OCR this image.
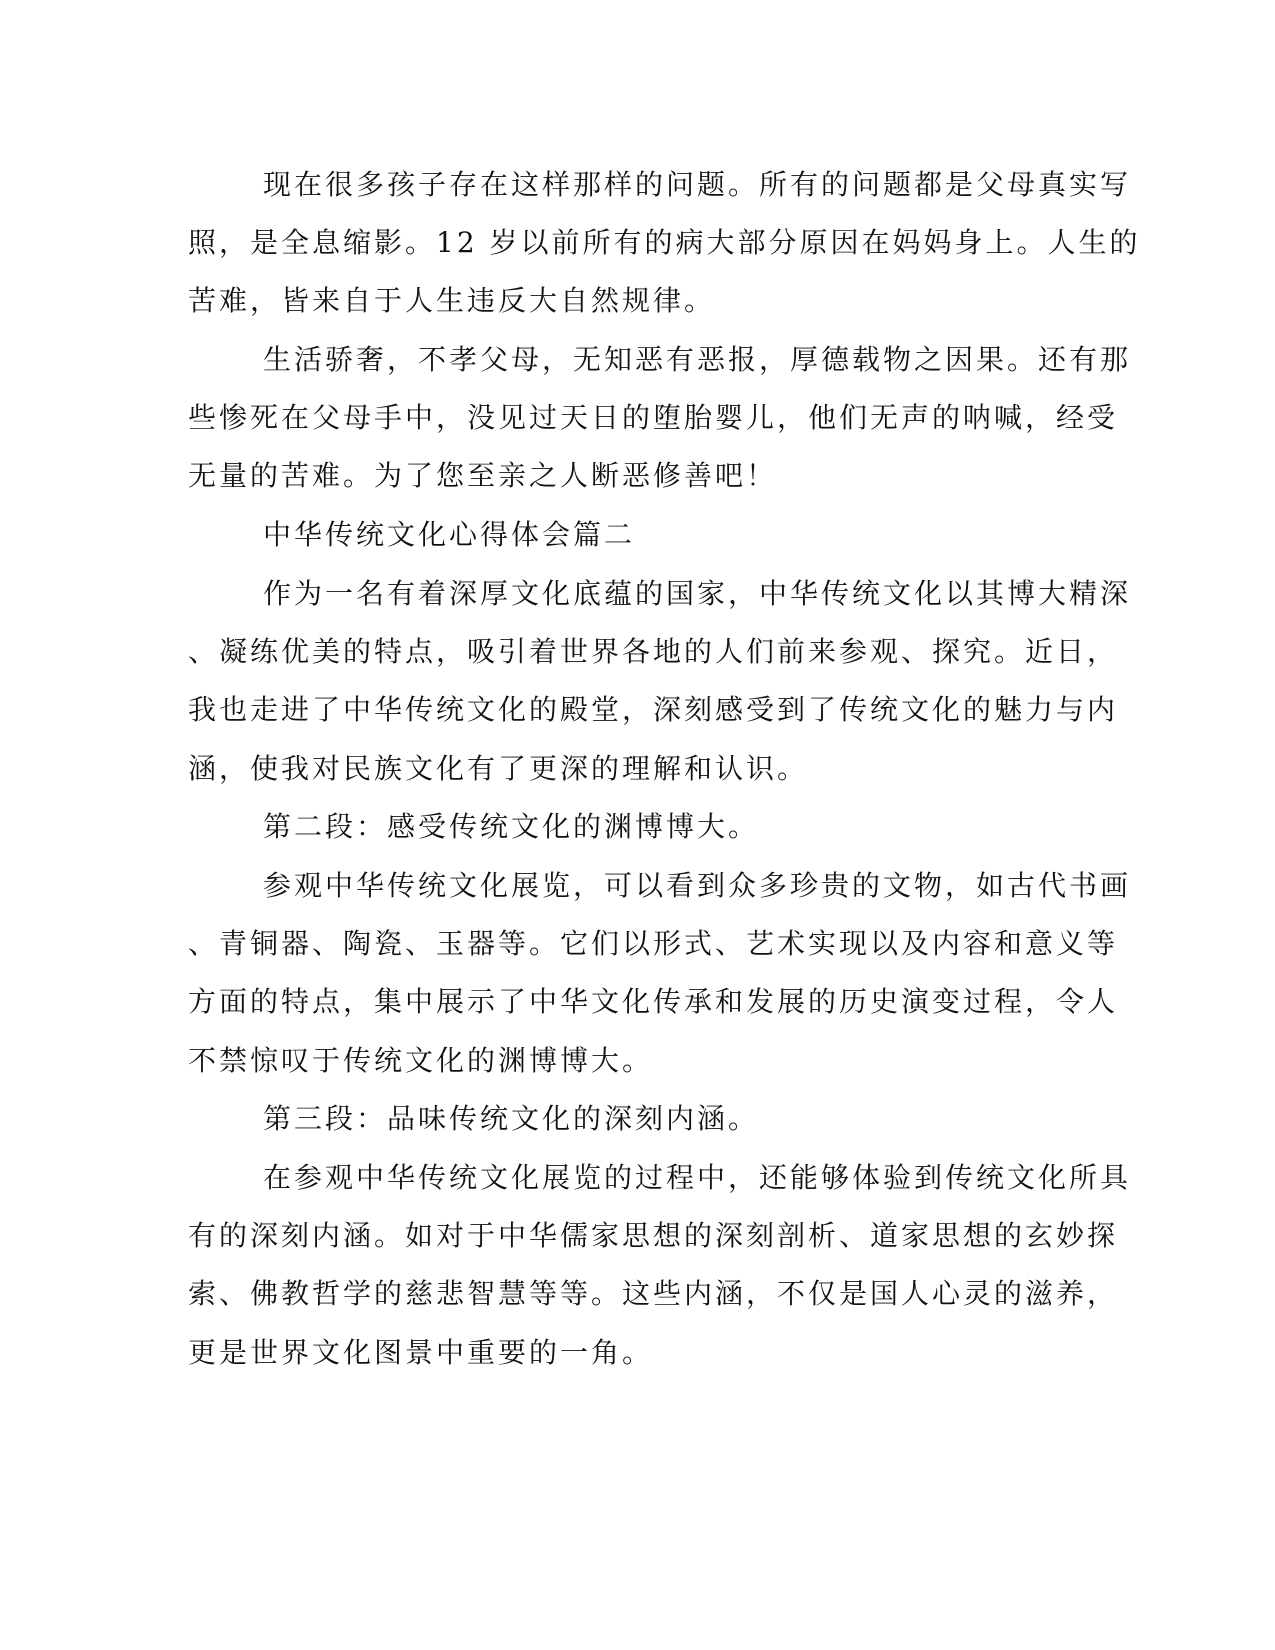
现在很多孩子存在这样那样的问题。所有的问题都是父母真实写
照，是全息缩影。12 岁以前所有的病大部分原因在妈妈身上。人生的
苦难，皆来自于人生违反大自然规律。
生活骄奢，不孝父母，无知恶有恶报，厚德载物之因果。还有那
些惨死在父母手中，没见过天日的堕胎婴儿，他们无声的呐喊，经受
无量的苦难。为了您至亲之人断恶修善吧！
中华传统文化心得体会篇二
作为一名有着深厚文化底蕴的国家，中华传统文化以其博大精深
、凝练优美的特点，吸引着世界各地的人们前来参观、探究。近日，
我也走进了中华传统文化的殿堂，深刻感受到了传统文化的魅力与内
涵，使我对民族文化有了更深的理解和认识。
第二段：感受传统文化的渊博博大。
参观中华传统文化展览，可以看到众多珍贵的文物，如古代书画
、青铜器、陶瓷、玉器等。它们以形式、艺术实现以及内容和意义等
方面的特点，集中展示了中华文化传承和发展的历史演变过程，令人
不禁惊叹于传统文化的渊博博大。
第三段：品味传统文化的深刻内涵。
在参观中华传统文化展览的过程中，还能够体验到传统文化所具
有的深刻内涵。如对于中华儒家思想的深刻剖析、道家思想的玄妙探
索、佛教哲学的慈悲智慧等等。这些内涵，不仅是国人心灵的滋养，
更是世界文化图景中重要的一角。
